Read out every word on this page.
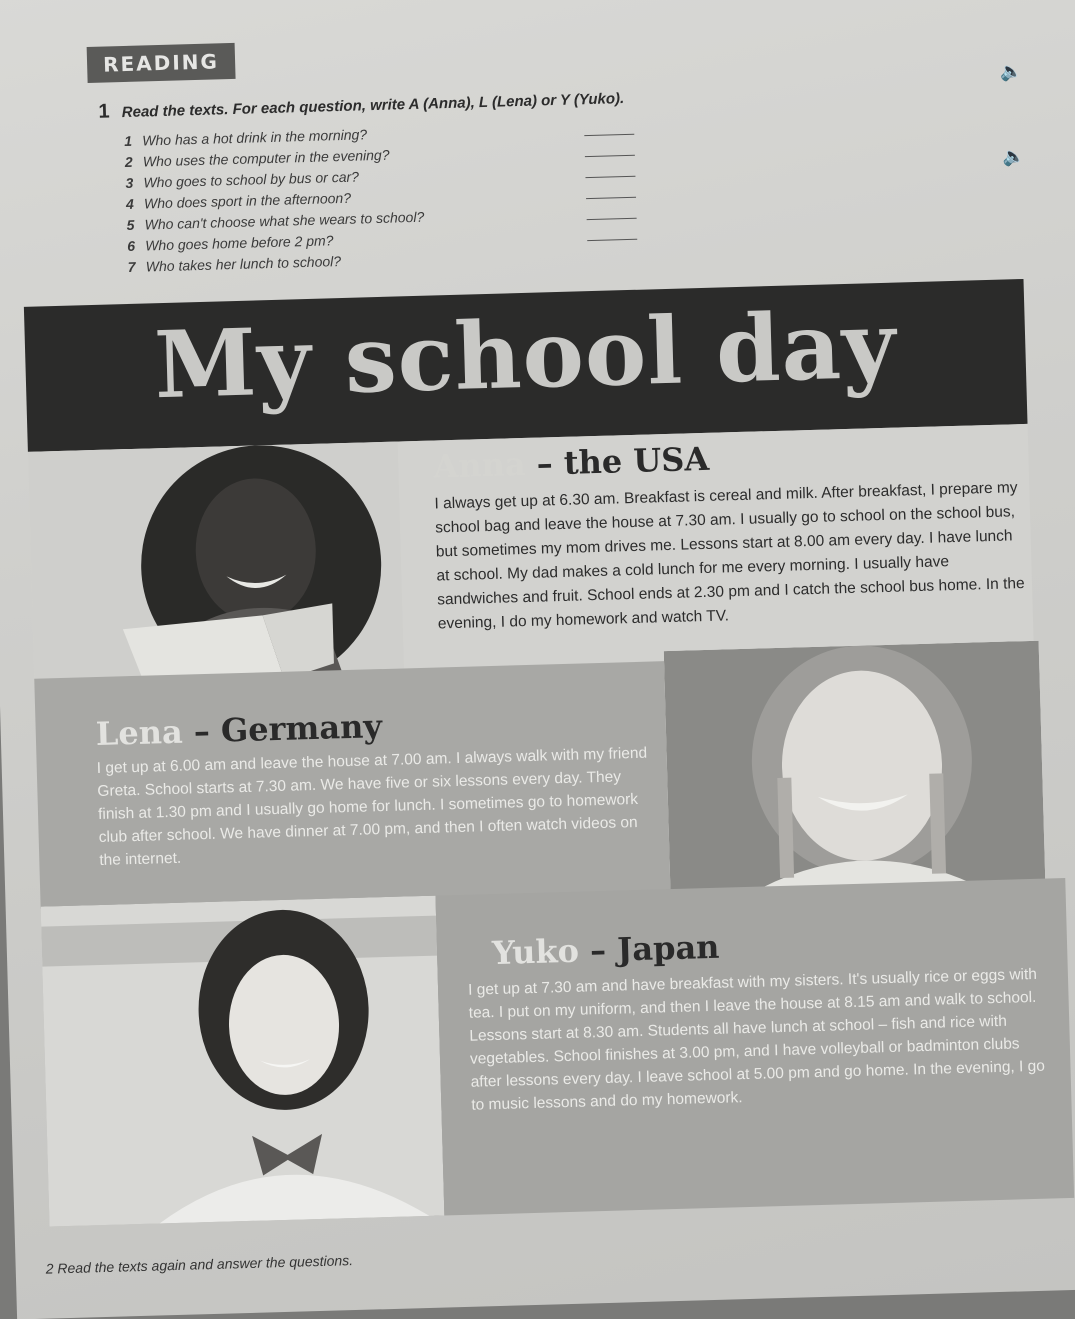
READING
1 Read the texts. For each question, write A (Anna), L (Lena) or Y (Yuko).
🔈
🔈
1 Who has a hot drink in the morning?
2 Who uses the computer in the evening?
3 Who goes to school by bus or car?
4 Who does sport in the afternoon?
5 Who can't choose what she wears to school?
6 Who goes home before 2 pm?
7 Who takes her lunch to school?
My school day
Anna – the USA
I always get up at 6.30 am. Breakfast is cereal and milk. After breakfast, I prepare my school bag and leave the house at 7.30 am. I usually go to school on the school bus, but sometimes my mom drives me. Lessons start at 8.00 am every day. I have lunch at school. My dad makes a cold lunch for me every morning. I usually have sandwiches and fruit. School ends at 2.30 pm and I catch the school bus home. In the evening, I do my homework and watch TV.
Lena – Germany
I get up at 6.00 am and leave the house at 7.00 am. I always walk with my friend Greta. School starts at 7.30 am. We have five or six lessons every day. They finish at 1.30 pm and I usually go home for lunch. I sometimes go to homework club after school. We have dinner at 7.00 pm, and then I often watch videos on the internet.
Yuko – Japan
I get up at 7.30 am and have breakfast with my sisters. It's usually rice or eggs with tea. I put on my uniform, and then I leave the house at 8.15 am and walk to school. Lessons start at 8.30 am. Students all have lunch at school – fish and rice with vegetables. School finishes at 3.00 pm, and I have volleyball or badminton clubs after lessons every day. I leave school at 5.00 pm and go home. In the evening, I go to music lessons and do my homework.
2 Read the texts again and answer the questions.
